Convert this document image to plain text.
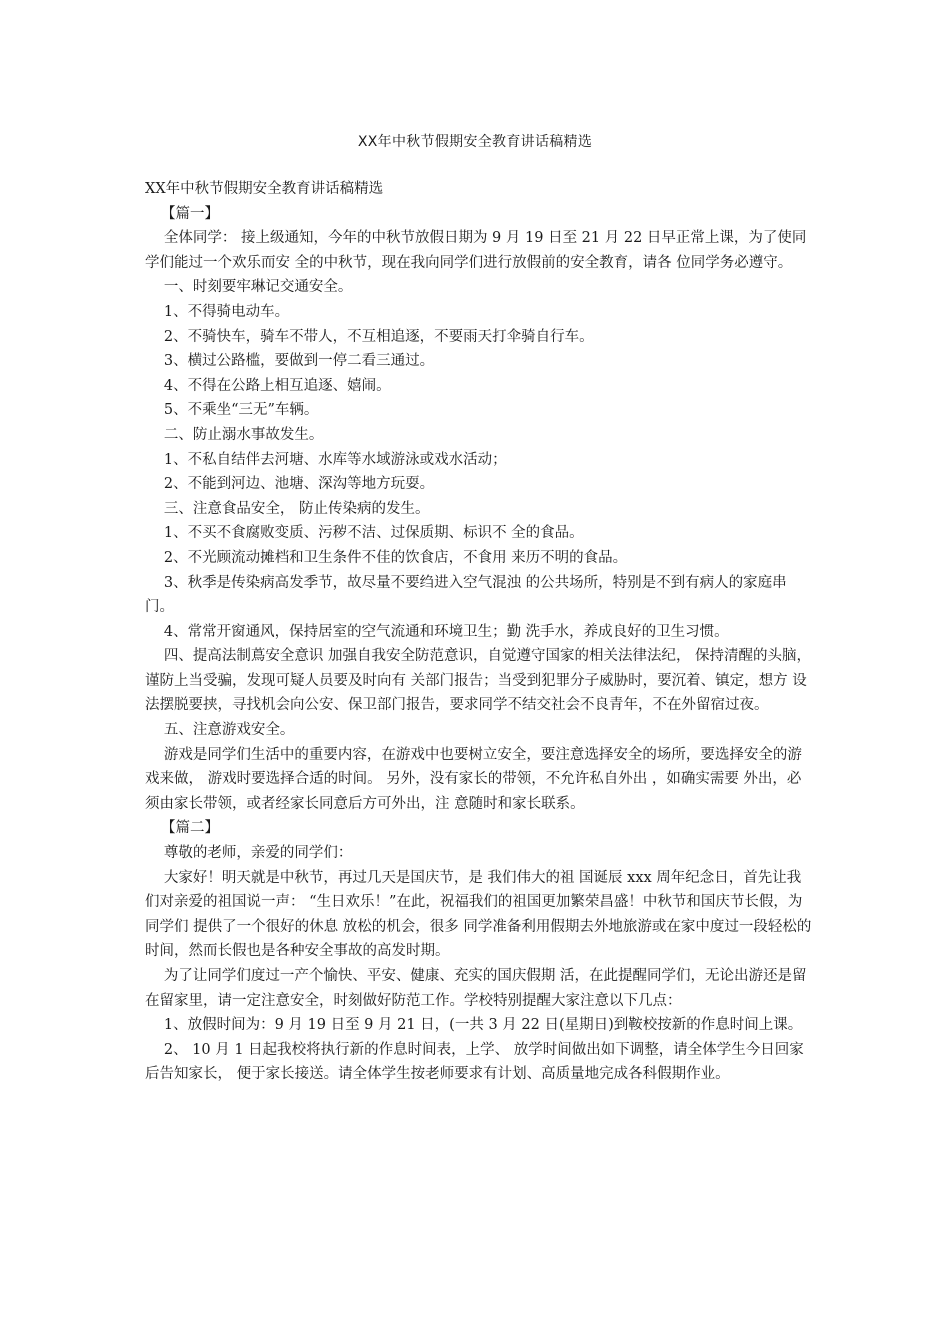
XX年中秋节假期安全教育讲话稿精选

XX年中秋节假期安全教育讲话稿精选

【篇一】

全体同学： 接上级通知，今年的中秋节放假日期为 9 月 19 日至 21 月 22 日早正常上课，为了使同学们能过一个欢乐而安 全的中秋节，现在我向同学们进行放假前的安全教育，请各 位同学务必遵守。

一、时刻要牢琳记交通安全。

1、不得骑电动车。

2、不骑快车，骑车不带人，不互相追逐，不要雨天打伞骑自行车。

3、横过公路槛，要做到一停二看三通过。

4、不得在公路上相互追逐、嬉闹。

5、不乘坐“三无”车辆。

二、防止溺水事故发生。

1、不私自结伴去河塘、水库等水域游泳或戏水活动；

2、不能到河边、池塘、深沟等地方玩耍。

三、注意食品安全， 防止传染病的发生。

1、不买不食腐败变质、污秽不洁、过保质期、标识不 全的食品。

2、不光顾流动摊档和卫生条件不佳的饮食店，不食用 来历不明的食品。

3、秋季是传染病高发季节，故尽量不要绉进入空气混浊 的公共场所，特别是不到有病人的家庭串门。

4、常常开窗通风，保持居室的空气流通和环境卫生；勤 洗手水，养成良好的卫生习惯。

四、提高法制蔦安全意识 加强自我安全防范意识，自觉遵守国家的相关法律法纪， 保持清醒的头脑，谨防上当受骗，发现可疑人员要及时向有 关部门报告；当受到犯罪分子威胁时，要沉着、镇定，想方 设法摆脱要挟，寻找机会向公安、保卫部门报告，要求同学不结交社会不良青年，不在外留宿过夜。

五、注意游戏安全。

游戏是同学们生活中的重要内容，在游戏中也要树立安全，要注意选择安全的场所，要选择安全的游戏来做， 游戏时要选择合适的时间。 另外，没有家长的带领，不允许私自外出 ，如确实需要 外出，必须由家长带领，或者经家长同意后方可外出，注 意随时和家长联系。

【篇二】

尊敬的老师，亲爱的同学们：

大家好！明天就是中秋节，再过几天是国庆节，是 我们伟大的祖 国诞辰 xxx 周年纪念日，首先让我们对亲爱的祖国说一声： “生日欢乐！”在此，祝福我们的祖国更加繁荣昌盛！中秋节和国庆节长假，为同学们 提供了一个很好的休息 放松的机会，很多 同学准备利用假期去外地旅游或在家中度过一段轻松的时间，然而长假也是各种安全事故的高发时期。

为了让同学们度过一产个愉快、平安、健康、充实的国庆假期 活，在此提醒同学们，无论出游还是留在留家里，请一定注意安全，时刻做好防范工作。学校特别提醒大家注意以下几点：

1、放假时间为：9 月 19 日至 9 月 21 日，(一共 3 月 22 日(星期日)到鞍校按新的作息时间上课。

2、 10 月 1 日起我校将执行新的作息时间表，上学、 放学时间做出如下调整，请全体学生今日回家后告知家长， 便于家长接送。请全体学生按老师要求有计划、高质量地完成各科假期作业。
